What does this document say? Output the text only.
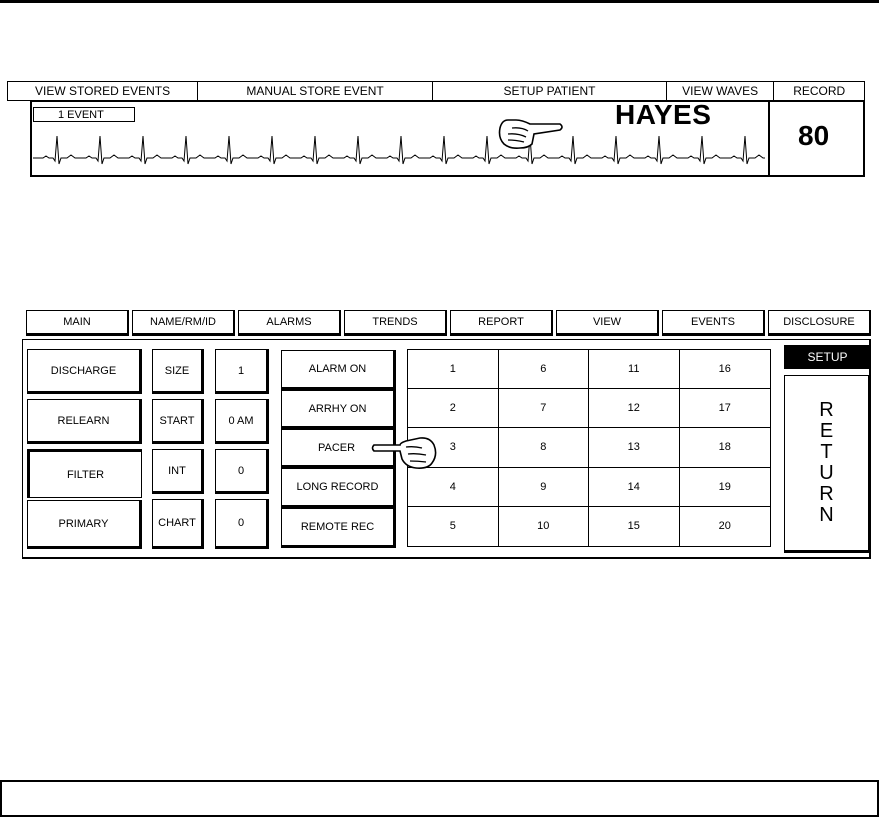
VIEW STORED EVENTS	MANUAL STORE EVENT	SETUP PATIENT	VIEW WAVES	RECORD
1 EVENT	HAYES
80
MAIN	NAME/RM/ID	ALARMS	TRENDS	REPORT	VIEW	EVENTS	DISCLOSURE
DISCHARGE
RELEARN
FILTER
PRIMARY
SIZE
START
INT
CHART
1
0 AM
0
0
ALARM ON
ARRHY ON
PACER
LONG RECORD
REMOTE REC
1	6	11	16
2	7	12	17
3	8	13	18
4	9	14	19
5	10	15	20
SETUP
R
E
T
U
R
N
